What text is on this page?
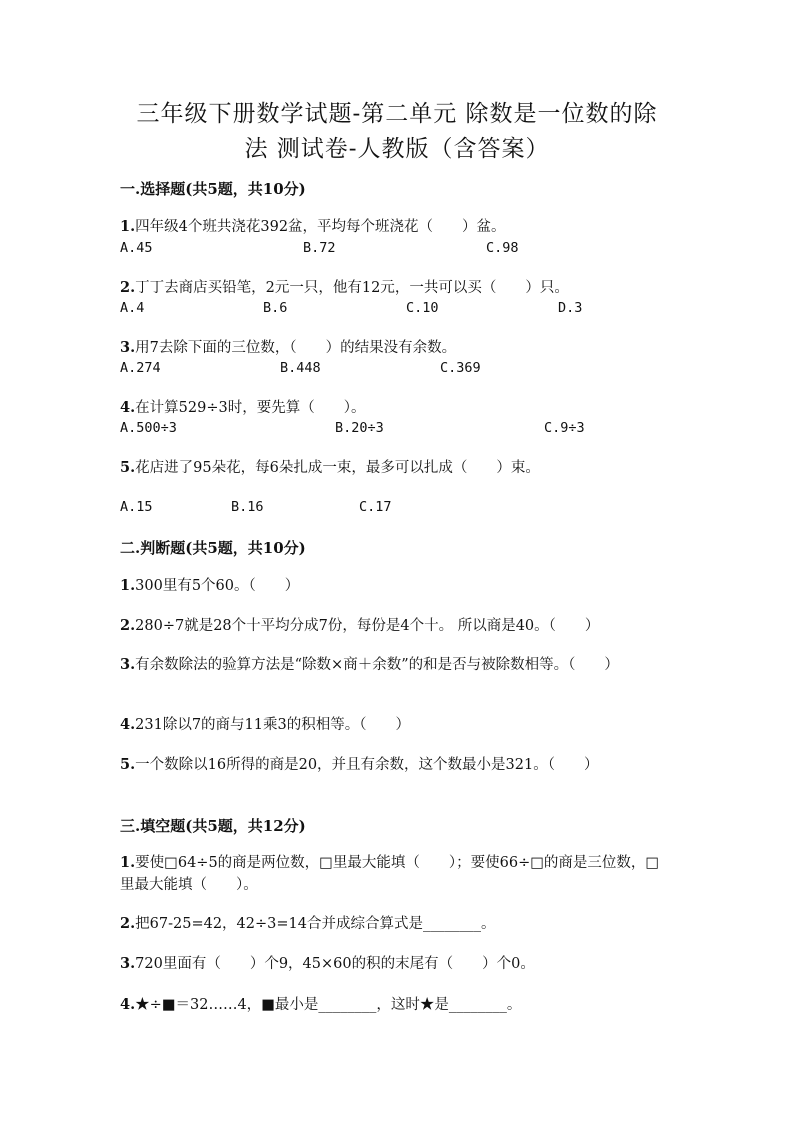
三年级下册数学试题-第二单元 除数是一位数的除
法 测试卷-人教版（含答案）
一.选择题(共5题，共10分)

1.四年级4个班共浇花392盆，平均每个班浇花（　　）盆。

A.45	B.72	C.98

2.丁丁去商店买铅笔，2元一只，他有12元，一共可以买（　　）只。

A.4	B.6	C.10	D.3

3.用7去除下面的三位数，（　　）的结果没有余数。

A.274	B.448	C.369

4.在计算529÷3时，要先算（　　）。

A.500÷3	B.20÷3	C.9÷3

5.花店进了95朵花，每6朵扎成一束，最多可以扎成（　　）束。

A.15	B.16	C.17
二.判断题(共5题，共10分)

1.300里有5个60。（　　）

2.280÷7就是28个十平均分成7份，每份是4个十。 所以商是40。（　　）

3.有余数除法的验算方法是“除数×商＋余数”的和是否与被除数相等。（　　）

4.231除以7的商与11乘3的积相等。（　　）

5.一个数除以16所得的商是20，并且有余数，这个数最小是321。（　　）

三.填空题(共5题，共12分)

1.要使□64÷5的商是两位数，□里最大能填（　　）；要使66÷□的商是三位数，□里最大能填（　　）。

2.把67-25=42，42÷3=14合并成综合算式是________。

3.720里面有（　　）个9，45×60的积的末尾有（　　）个0。

4.★÷■＝32……4，■最小是________，这时★是________。
